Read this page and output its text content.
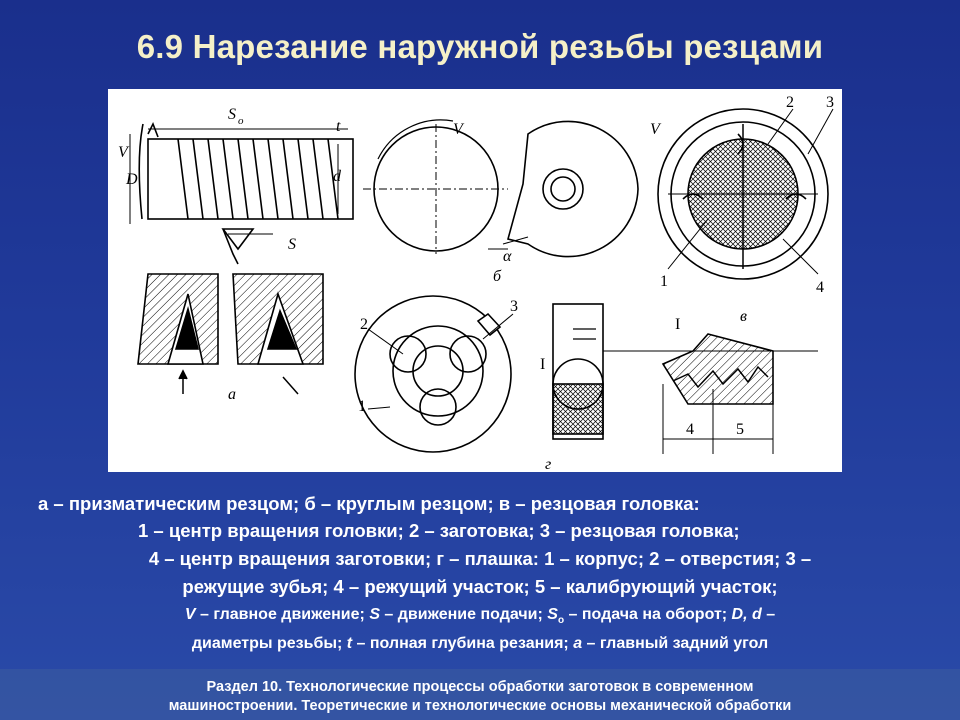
6.9 Нарезание наружной резьбы резцами
S o
V
D	d
t
S
V
α
б
V
2 3
1	4
в
а
2
3
1
I
I
4	5
г
а – призматическим резцом; б – круглым резцом; в – резцовая головка:
1 – центр вращения головки; 2 – заготовка; 3 – резцовая головка;
4 – центр вращения заготовки; г – плашка: 1 – корпус; 2 – отверстия; 3 –
режущие зубья; 4 – режущий участок; 5 – калибрующий участок;
V – главное движение; S – движение подачи; $S_o$ – подача на оборот; D, d –
диаметры резьбы; t – полная глубина резания; а – главный задний угол
Раздел 10. Технологические процессы обработки заготовок в современном
машиностроении. Теоретические и технологические основы механической обработки
